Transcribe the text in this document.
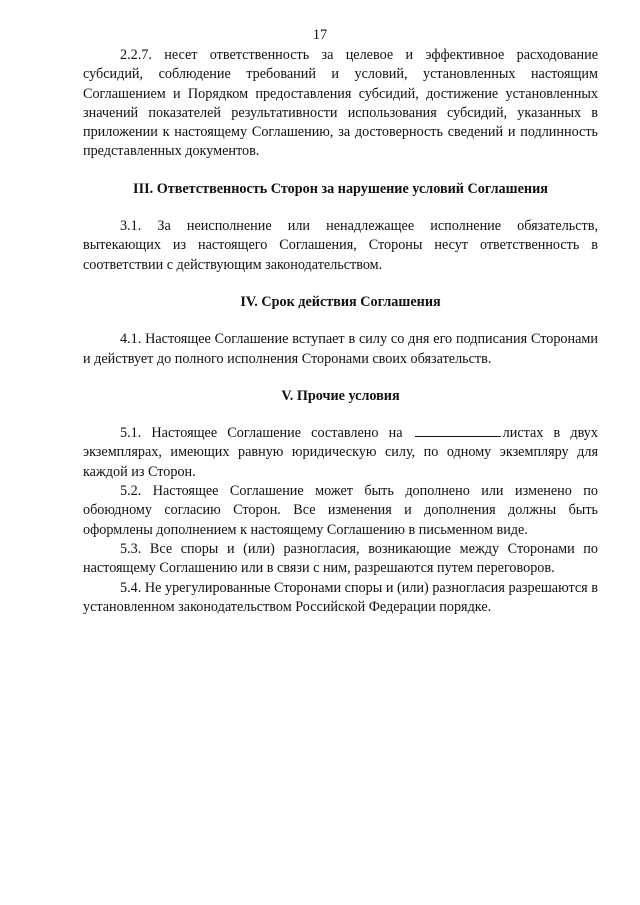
17

2.2.7. несет ответственность за целевое и эффективное расходование субсидий, соблюдение требований и условий, установленных настоящим Соглашением и Порядком предоставления субсидий, достижение установленных значений показателей результативности использования субсидий, указанных в приложении к настоящему Соглашению, за достоверность сведений и подлинность представленных документов.

III. Ответственность Сторон за нарушение условий Соглашения

3.1. За неисполнение или ненадлежащее исполнение обязательств, вытекающих из настоящего Соглашения, Стороны несут ответственность в соответствии с действующим законодательством.

IV. Срок действия Соглашения

4.1. Настоящее Соглашение вступает в силу со дня его подписания Сторонами и действует до полного исполнения Сторонами своих обязательств.

V. Прочие условия

5.1. Настоящее Соглашение составлено на	листах в двух экземплярах, имеющих равную юридическую силу, по одному экземпляру для каждой из Сторон.

5.2. Настоящее Соглашение может быть дополнено или изменено по обоюдному согласию Сторон. Все изменения и дополнения должны быть оформлены дополнением к настоящему Соглашению в письменном виде.

5.3. Все споры и (или) разногласия, возникающие между Сторонами по настоящему Соглашению или в связи с ним, разрешаются путем переговоров.

5.4. Не урегулированные Сторонами споры и (или) разногласия разрешаются в установленном законодательством Российской Федерации порядке.
